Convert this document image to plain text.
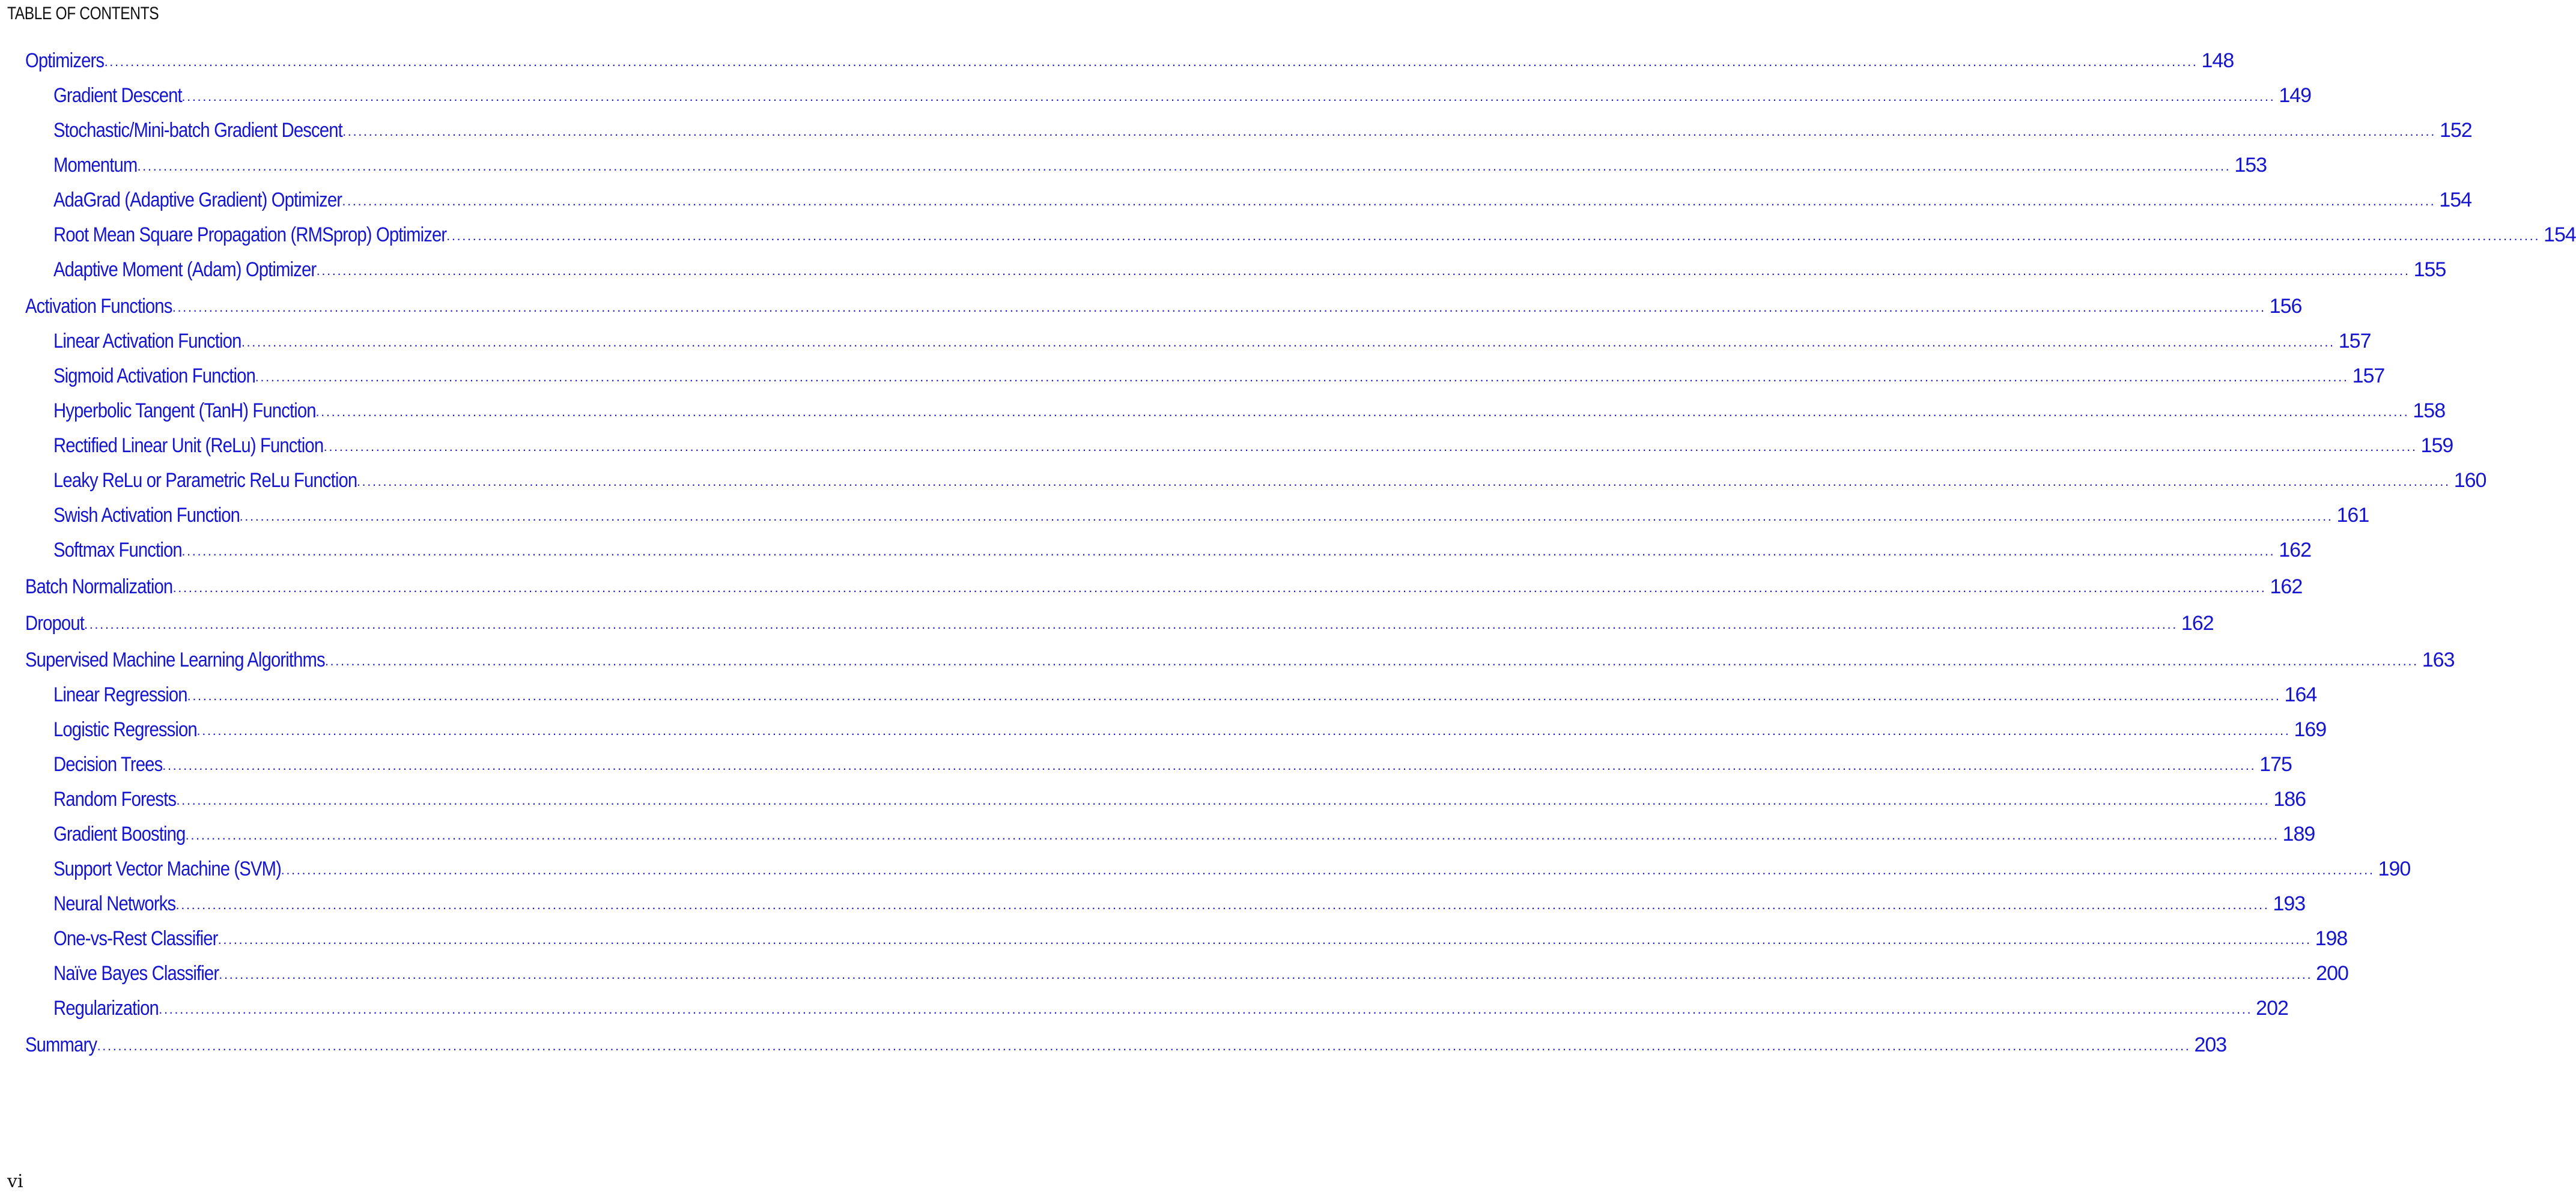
TABLE OF CONTENTS
Optimizers ................................................................................................................................................................................................................................................................................................................................................................................................................ 148
Gradient Descent ................................................................................................................................................................................................................................................................................................................................................................................................................ 149
Stochastic/Mini-batch Gradient Descent ................................................................................................................................................................................................................................................................................................................................................................................................................ 152
Momentum ................................................................................................................................................................................................................................................................................................................................................................................................................ 153
AdaGrad (Adaptive Gradient) Optimizer ................................................................................................................................................................................................................................................................................................................................................................................................................ 154
Root Mean Square Propagation (RMSprop) Optimizer ................................................................................................................................................................................................................................................................................................................................................................................................................ 154
Adaptive Moment (Adam) Optimizer ................................................................................................................................................................................................................................................................................................................................................................................................................ 155
Activation Functions ................................................................................................................................................................................................................................................................................................................................................................................................................ 156
Linear Activation Function ................................................................................................................................................................................................................................................................................................................................................................................................................ 157
Sigmoid Activation Function ................................................................................................................................................................................................................................................................................................................................................................................................................ 157
Hyperbolic Tangent (TanH) Function ................................................................................................................................................................................................................................................................................................................................................................................................................ 158
Rectified Linear Unit (ReLu) Function ................................................................................................................................................................................................................................................................................................................................................................................................................ 159
Leaky ReLu or Parametric ReLu Function ................................................................................................................................................................................................................................................................................................................................................................................................................ 160
Swish Activation Function ................................................................................................................................................................................................................................................................................................................................................................................................................ 161
Softmax Function ................................................................................................................................................................................................................................................................................................................................................................................................................ 162
Batch Normalization ................................................................................................................................................................................................................................................................................................................................................................................................................ 162
Dropout ................................................................................................................................................................................................................................................................................................................................................................................................................ 162
Supervised Machine Learning Algorithms ................................................................................................................................................................................................................................................................................................................................................................................................................ 163
Linear Regression ................................................................................................................................................................................................................................................................................................................................................................................................................ 164
Logistic Regression ................................................................................................................................................................................................................................................................................................................................................................................................................ 169
Decision Trees ................................................................................................................................................................................................................................................................................................................................................................................................................ 175
Random Forests ................................................................................................................................................................................................................................................................................................................................................................................................................ 186
Gradient Boosting ................................................................................................................................................................................................................................................................................................................................................................................................................ 189
Support Vector Machine (SVM) ................................................................................................................................................................................................................................................................................................................................................................................................................ 190
Neural Networks ................................................................................................................................................................................................................................................................................................................................................................................................................ 193
One-vs-Rest Classifier ................................................................................................................................................................................................................................................................................................................................................................................................................ 198
Naïve Bayes Classifier ................................................................................................................................................................................................................................................................................................................................................................................................................ 200
Regularization ................................................................................................................................................................................................................................................................................................................................................................................................................ 202
Summary ................................................................................................................................................................................................................................................................................................................................................................................................................ 203
vi
